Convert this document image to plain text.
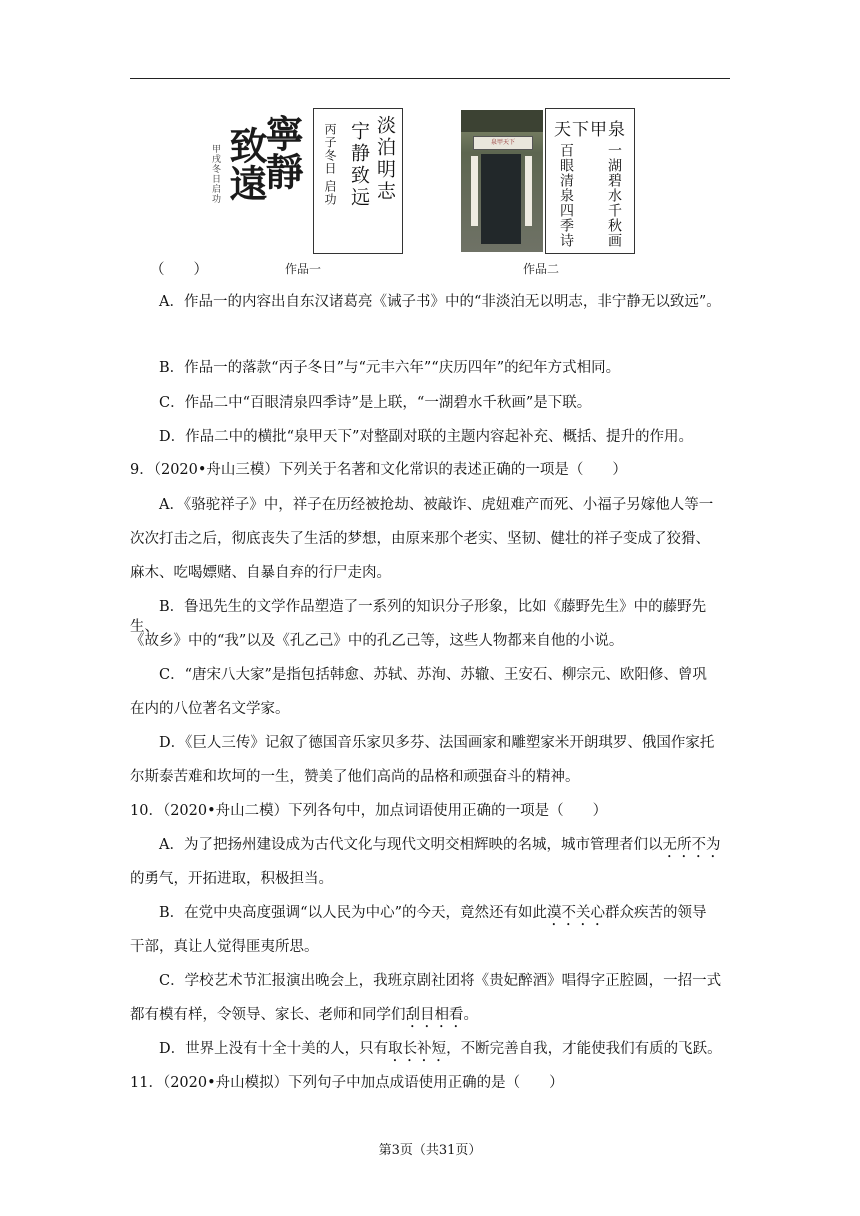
致遠
寧靜
甲戌冬日启功	淡泊明志
宁静致远
丙子冬日 启功
作品一
泉甲天下
天下甲泉
一湖碧水千秋画
百眼清泉四季诗
作品二
（　　）
A．作品一的内容出自东汉诸葛亮《诫子书》中的“非淡泊无以明志，非宁静无以致远”。
B．作品一的落款“丙子冬日”与“元丰六年”“庆历四年”的纪年方式相同。
C．作品二中“百眼清泉四季诗”是上联，“一湖碧水千秋画”是下联。
D．作品二中的横批“泉甲天下”对整副对联的主题内容起补充、概括、提升的作用。
9．（2020•舟山三模）下列关于名著和文化常识的表述正确的一项是（　　）
A．《骆驼祥子》中，祥子在历经被抢劫、被敲诈、虎妞难产而死、小福子另嫁他人等一
次次打击之后，彻底丧失了生活的梦想，由原来那个老实、坚韧、健壮的祥子变成了狡猾、
麻木、吃喝嫖赌、自暴自弃的行尸走肉。
B．鲁迅先生的文学作品塑造了一系列的知识分子形象，比如《藤野先生》中的藤野先生、
《故乡》中的“我”以及《孔乙己》中的孔乙己等，这些人物都来自他的小说。
C．“唐宋八大家”是指包括韩愈、苏轼、苏洵、苏辙、王安石、柳宗元、欧阳修、曾巩
在内的八位著名文学家。
D．《巨人三传》记叙了德国音乐家贝多芬、法国画家和雕塑家米开朗琪罗、俄国作家托
尔斯泰苦难和坎坷的一生，赞美了他们高尚的品格和顽强奋斗的精神。
10．（2020•舟山二模）下列各句中，加点词语使用正确的一项是（　　）
A．为了把扬州建设成为古代文化与现代文明交相辉映的名城，城市管理者们以无所不为
的勇气，开拓进取，积极担当。
B．在党中央高度强调“以人民为中心”的今天，竟然还有如此漠不关心群众疾苦的领导
干部，真让人觉得匪夷所思。
C．学校艺术节汇报演出晚会上，我班京剧社团将《贵妃醉酒》唱得字正腔圆，一招一式
都有模有样，令领导、家长、老师和同学们刮目相看。
D．世界上没有十全十美的人，只有取长补短，不断完善自我，才能使我们有质的飞跃。
11．（2020•舟山模拟）下列句子中加点成语使用正确的是（　　）
第3页（共31页）
